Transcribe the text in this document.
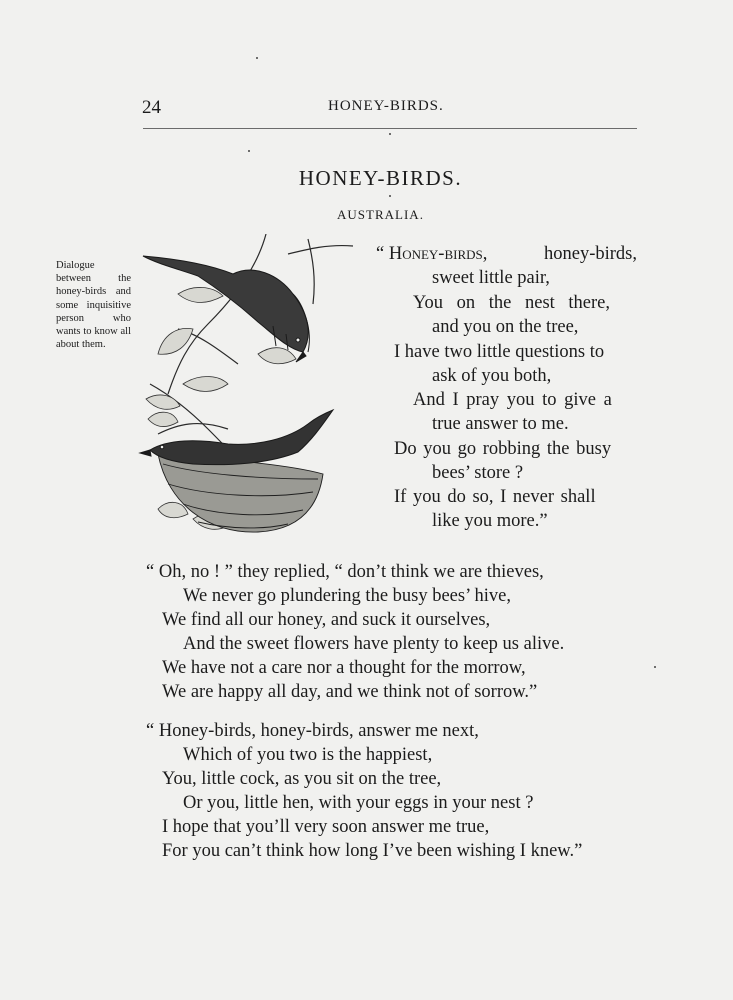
24	HONEY-BIRDS.
HONEY-BIRDS.
AUSTRALIA.
Dialogue between the honey-birds and some inquisitive person who wants to know all about them.
“ Honey-birds,	honey-birds,
sweet little pair,
You on the nest there,
and you on the tree,
I have two little questions to
ask of you both,
And I pray you to give a
true answer to me.
Do you go robbing the busy
bees’ store ?
If you do so, I never shall
like you more.”
“ Oh, no ! ” they replied, “ don’t think we are thieves,
We never go plundering the busy bees’ hive,
We find all our honey, and suck it ourselves,
And the sweet flowers have plenty to keep us alive.
We have not a care nor a thought for the morrow,
We are happy all day, and we think not of sorrow.”
“ Honey-birds, honey-birds, answer me next,
Which of you two is the happiest,
You, little cock, as you sit on the tree,
Or you, little hen, with your eggs in your nest ?
I hope that you’ll very soon answer me true,
For you can’t think how long I’ve been wishing I knew.”
